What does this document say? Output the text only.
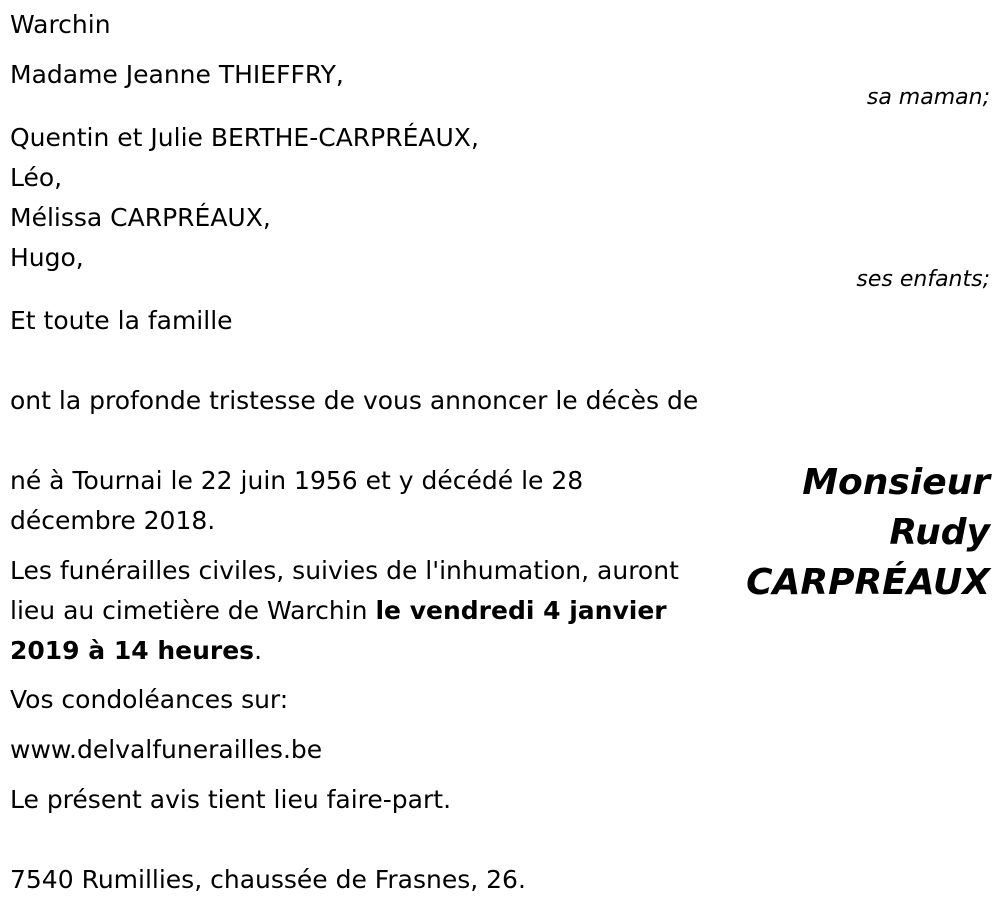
Warchin

Madame Jeanne THIEFFRY,

sa maman;

Quentin et Julie BERTHE-CARPRÉAUX,

Léo,

Mélissa CARPRÉAUX,

Hugo,

ses enfants;

Et toute la famille

ont la profonde tristesse de vous annoncer le décès de

Monsieur
Rudy
CARPRÉAUX

né à Tournai le 22 juin 1956 et y décédé le 28 décembre 2018.

Les funérailles civiles, suivies de l'inhumation, auront lieu au cimetière de Warchin le vendredi 4 janvier 2019 à 14 heures.

Vos condoléances sur:

www.delvalfunerailles.be

Le présent avis tient lieu faire-part.

7540 Rumillies, chaussée de Frasnes, 26.
